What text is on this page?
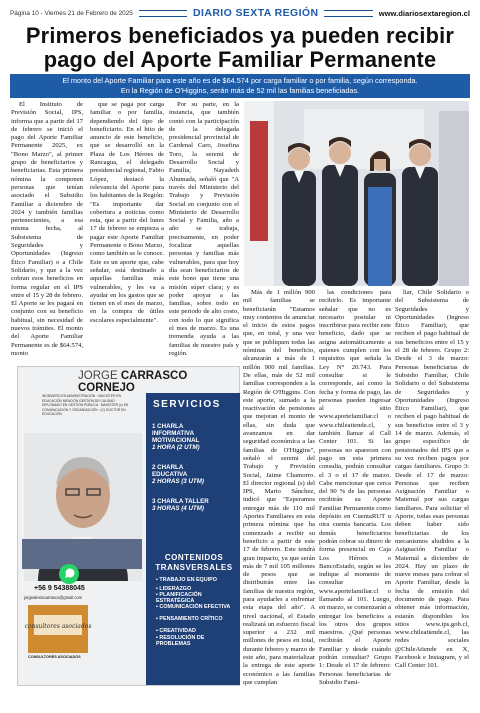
Página 10 - Viernes 21 de Febrero de 2025	DIARIO SEXTA REGIÓN	www.diariosextaregion.cl
Primeros beneficiados ya pueden recibir
pago del Aporte Familiar Permanente
El monto del Aporte Familiar para este año es de $64.574 por carga familiar o por familia, según corresponda.
En la Región de O'Higgins, serán más de 52 mil las familias beneficiadas.

El Instituto de Previsión Social, IPS, informa que a partir del 17 de febrero se inició el pago del Aporte Familiar Permanente 2025, ex "Bono Marzo", al primer grupo de beneficiarios y beneficiarias. Esta primera nómina la componen personas que tenían asociado el Subsidio Familiar a diciembre de 2024 y también familias pertenecientes, a esa misma fecha, al Subsistema de Seguridades y Oportunidades (Ingreso Ético Familiar) o a Chile Solidario, y que a la vez cobran esos beneficios en forma regular en el IPS entre el 15 y 28 de febrero. El Aporte se les pagará en conjunto con su beneficio habitual, sin necesidad de nuevos trámites. El monto del Aporte Familiar Permanente es de $64.574, monto

que se paga por carga familiar o por familia, dependiendo del tipo de beneficiario. En el hito de anuncio de este beneficio, que se desarrolló en la Plaza de Los Héroes de Rancagua, el delegado presidencial regional, Fabio López, destacó la relevancia del Aporte para los habitantes de la Región: "Es importante dar cobertura a noticias como esta, que a partir del lunes 17 de febrero se empieza a pagar este Aporte Familiar Permanente o Bono Marzo, como también se le conoce. Este es un aporte que, cabe señalar, está destinado a aquellas familias más vulnerables, y les va a ayudar en los gastos que se tienen en el mes de marzo, en la compra de útiles escolares especialmente".

Por su parte, en la instancia, que también contó con la participación de la delegada presidencial provincial de Cardenal Caro, Josefina Toro, la seremi de Desarrollo Social y Familia, Nayadeth Ahumada, señaló que "A través del Ministerio del Trabajo y Previsión Social en conjunto con el Ministerio de Desarrollo Social y Familia, año a año se trabaja, precisamente, en poder focalizar aquellas personas y familias más vulnerables, para que hoy día sean beneficiarios de este bono que tiene una misión súper clara; y es poder apoyar a las familias, sobre todo en este periodo de alto costo, con todo lo que significa el mes de marzo. Es una tremenda ayuda a las familias de nuestro país y región.

Más de 1 millón 900 mil familias se beneficiarán "Estamos muy contentos de anunciar el inicio de estos pagos que, en total, y una vez que se publiquen todas las nóminas del beneficio, alcanzarán a más de 1 millón 900 mil familias. De ellas, más de 52 mil familias corresponden a la Región de O'Higgins. Con este aporte, sumado a la reactivación de pensiones que mejoran el monto de ellas, sin duda que avanzamos en dar seguridad económica a las familias de O'Higgins", señaló el seremi del Trabajo y Previsión Social, Jaime Chamorro. El director regional (s) del IPS, Mario Sánchez, indicó que "Esperamos entregar más de 110 mil Aportes Familiares en esta primera nómina que ha comenzado a recibir su beneficio a partir de este 17 de febrero. Este tendrá gran impacto, ya que serán más de 7 mil 105 millones de pesos que se distribuirán entre las familias de nuestra región, para ayudarles a enfrentar esta etapa del año". A nivel nacional, el Estado realizará un esfuerzo fiscal superior a 232 mil millones de pesos en total, durante febrero y marzo de este año, para materializar la entrega de este aporte económico a las familias que cumplan

las condiciones para recibirlo. Es importante señalar que no es necesario postular ni inscribirse para recibir este beneficio, dado que se asigna automáticamente a quienes cumplen con los requisitos que señala la Ley N° 20.743. Para consultar si le corresponde, así como la fecha y forma de pago, las personas pueden ingresar al sitio www.aportefamiliar.cl o www.chileatiende.cl, y también llamar al Call Center 101. Si las personas no aparecen con pago en esta primera consulta, podrán consultar el 3 o el 17 de marzo. Cabe mencionar que cerca del 90 % de las personas recibirán su Aporte Familiar Permanente como depósito en CuentaRUT u otra cuenta bancaria. Los demás beneficiarios podrán cobrar su dinero de forma presencial en Caja Los Héroes o BancoEstado, según se les indique al momento de consultar en www.aportefamiliar.cl o llamando al 101. Luego, en marzo, se comenzarán a entregar los beneficios a los otros dos grupos maestros. ¿Qué personas recibirán el Aporte Familiar y desde cuándo podrán consultar? Grupo 1: Desde el 17 de febrero: Personas beneficiarias de Subsidio Fami-

liar, Chile Solidario o del Subsistema de Seguridades y Oportunidades (Ingreso Ético Familiar), que reciben el pago habitual de sus beneficios entre el 15 y el 28 de febrero. Grupo 2: Desde el 3 de marzo: Personas beneficiarias de Subsidio Familiar, Chile Solidario o del Subsistema de Seguridades y Oportunidades (Ingreso Ético Familiar), que reciben el pago habitual de sus beneficios entre el 3 y 14 de marzo. Además, el grupo específico de pensionados del IPS que a su vez reciben pagos por cargas familiares. Grupo 3: Desde el 17 de marzo: Personas que reciben Asignación Familiar o Maternal por sus cargas familiares. Para solicitar el Aporte, todas esas personas deben haber sido beneficiarias de los mecanismos aludidos a la Asignación Familiar o Maternal a diciembre de 2024. Hay un plazo de nueve meses para cobrar el Aporte Familiar, desde la fecha de emisión del documento de pago. Para obtener más información, estarán disponibles los sitios www.ips.gob.cl, www.chileatiende.cl, las redes sociales @ChileAtiende en X, Facebook e Instagram, y el Call Center 101.

JORGE CARRASCO CORNEJO
INGENIERO EN ADMINISTRACIÓN · MAGISTER EN EDUCACIÓN MENCIÓN GESTIÓN DE CALIDAD · DIPLOMADO EN GESTIÓN PÚBLICA · MAGISTER (c) EN COMUNICACIÓN Y ORGANIZACIÓN · (C) DOCTOR EN EDUCACIÓN
SERVICIOS
1 CHARLA
INFORMATIVA
MOTIVACIONAL
1 HORA (2 UTM)
2 CHARLA
EDUCATIVA
2 HORAS (3 UTM)
3 CHARLA TALLER
3 HORAS (4 UTM)
CONTENIDOS
TRANSVERSALES
▪ TRABAJO EN EQUIPO
▪ LIDERAZGO
▪ PLANIFICACIÓN ESTRATÉGICA
▪ COMUNICACIÓN EFECTIVA
▪ PENSAMIENTO CRÍTICO
▪ CREATIVIDAD
▪ RESOLUCIÓN DE PROBLEMAS
+56 9 54388045
jorgealexiscarrasco@gmail.com
consultores asociados
CONSULTORES ASOCIADOS
